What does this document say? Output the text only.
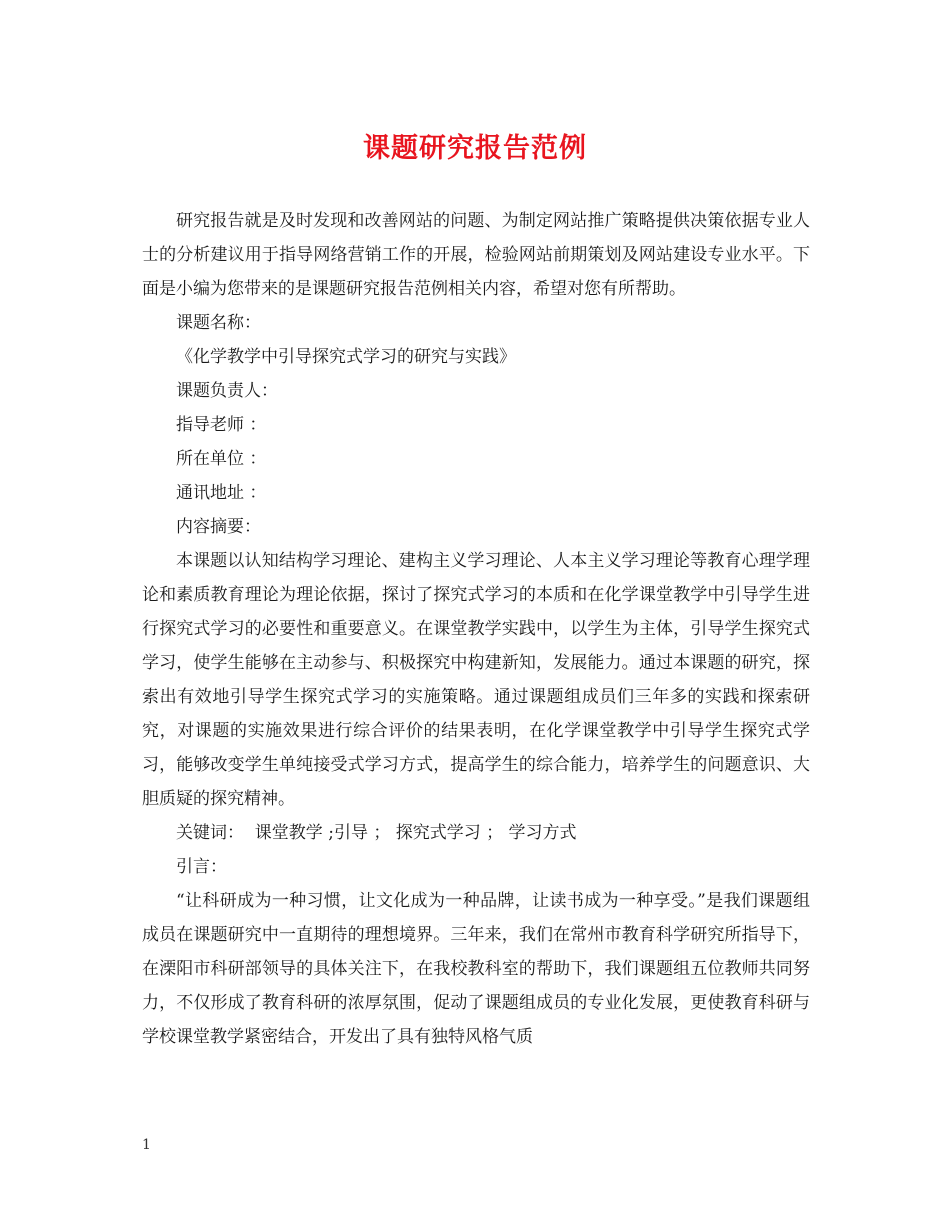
课题研究报告范例

研究报告就是及时发现和改善网站的问题、为制定网站推广策略提供决策依据专业人士的分析建议用于指导网络营销工作的开展，检验网站前期策划及网站建设专业水平。下面是小编为您带来的是课题研究报告范例相关内容，希望对您有所帮助。

课题名称：

《化学教学中引导探究式学习的研究与实践》

课题负责人：

指导老师 ：

所在单位 ：

通讯地址 ：

内容摘要：

本课题以认知结构学习理论、建构主义学习理论、人本主义学习理论等教育心理学理论和素质教育理论为理论依据，探讨了探究式学习的本质和在化学课堂教学中引导学生进行探究式学习的必要性和重要意义。在课堂教学实践中，以学生为主体，引导学生探究式学习，使学生能够在主动参与、积极探究中构建新知，发展能力。通过本课题的研究，探索出有效地引导学生探究式学习的实施策略。通过课题组成员们三年多的实践和探索研究，对课题的实施效果进行综合评价的结果表明，在化学课堂教学中引导学生探究式学习，能够改变学生单纯接受式学习方式，提高学生的综合能力，培养学生的问题意识、大胆质疑的探究精神。

关键词：  课堂教学 ;引导 ； 探究式学习 ； 学习方式

引言：

“让科研成为一种习惯，让文化成为一种品牌，让读书成为一种享受。”是我们课题组成员在课题研究中一直期待的理想境界。三年来，我们在常州市教育科学研究所指导下，在溧阳市科研部领导的具体关注下，在我校教科室的帮助下，我们课题组五位教师共同努力，不仅形成了教育科研的浓厚氛围，促动了课题组成员的专业化发展，更使教育科研与学校课堂教学紧密结合，开发出了具有独特风格气质

1
